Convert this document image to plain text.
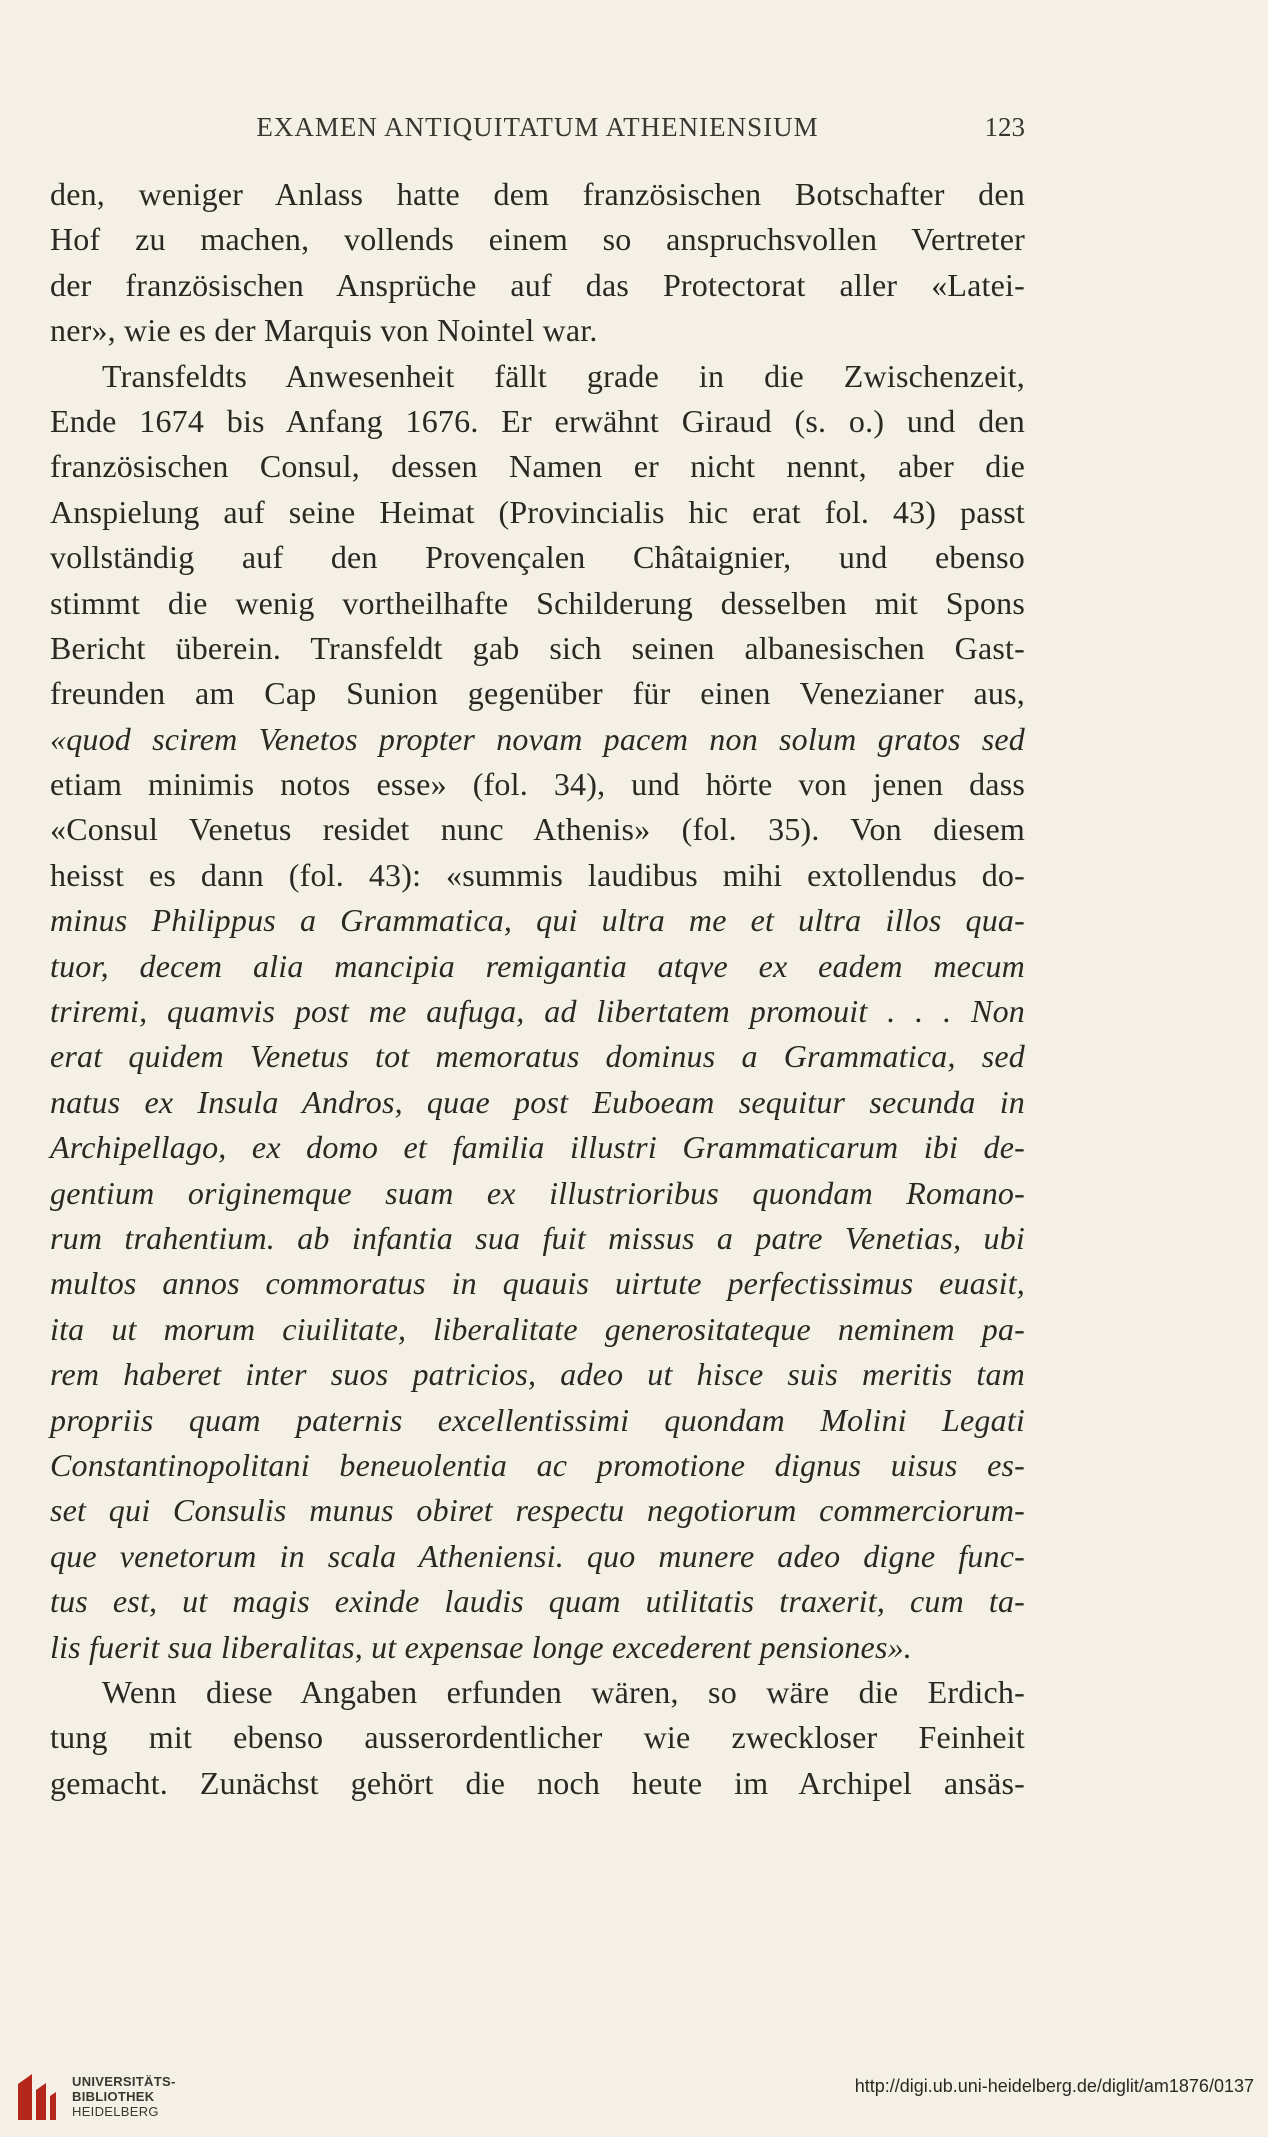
EXAMEN ANTIQUITATUM ATHENIENSIUM	123
den, weniger Anlass hatte dem französischen Botschafter den
Hof zu machen, vollends einem so anspruchsvollen Vertreter
der französischen Ansprüche auf das Protectorat aller «Latei-
ner», wie es der Marquis von Nointel war.
Transfeldts Anwesenheit fällt grade in die Zwischenzeit,
Ende 1674 bis Anfang 1676. Er erwähnt Giraud (s. o.) und den
französischen Consul, dessen Namen er nicht nennt, aber die
Anspielung auf seine Heimat (Provincialis hic erat fol. 43) passt
vollständig auf den Provençalen Châtaignier, und ebenso
stimmt die wenig vortheilhafte Schilderung desselben mit Spons
Bericht überein. Transfeldt gab sich seinen albanesischen Gast-
freunden am Cap Sunion gegenüber für einen Venezianer aus,
«quod scirem Venetos propter novam pacem non solum gratos sed
etiam minimis notos esse» (fol. 34), und hörte von jenen dass
«Consul Venetus residet nunc Athenis» (fol. 35). Von diesem
heisst es dann (fol. 43): «summis laudibus mihi extollendus do-
minus Philippus a Grammatica, qui ultra me et ultra illos qua-
tuor, decem alia mancipia remigantia atqve ex eadem mecum
triremi, quamvis post me aufuga, ad libertatem promouit . . . Non
erat quidem Venetus tot memoratus dominus a Grammatica, sed
natus ex Insula Andros, quae post Euboeam sequitur secunda in
Archipellago, ex domo et familia illustri Grammaticarum ibi de-
gentium originemque suam ex illustrioribus quondam Romano-
rum trahentium. ab infantia sua fuit missus a patre Venetias, ubi
multos annos commoratus in quauis uirtute perfectissimus euasit,
ita ut morum ciuilitate, liberalitate generositateque neminem pa-
rem haberet inter suos patricios, adeo ut hisce suis meritis tam
propriis quam paternis excellentissimi quondam Molini Legati
Constantinopolitani beneuolentia ac promotione dignus uisus es-
set qui Consulis munus obiret respectu negotiorum commerciorum-
que venetorum in scala Atheniensi. quo munere adeo digne func-
tus est, ut magis exinde laudis quam utilitatis traxerit, cum ta-
lis fuerit sua liberalitas, ut expensae longe excederent pensiones».
Wenn diese Angaben erfunden wären, so wäre die Erdich-
tung mit ebenso ausserordentlicher wie zweckloser Feinheit
gemacht. Zunächst gehört die noch heute im Archipel ansäs-
UNIVERSITÄTS-
BIBLIOTHEK
HEIDELBERG
http://digi.ub.uni-heidelberg.de/diglit/am1876/0137
